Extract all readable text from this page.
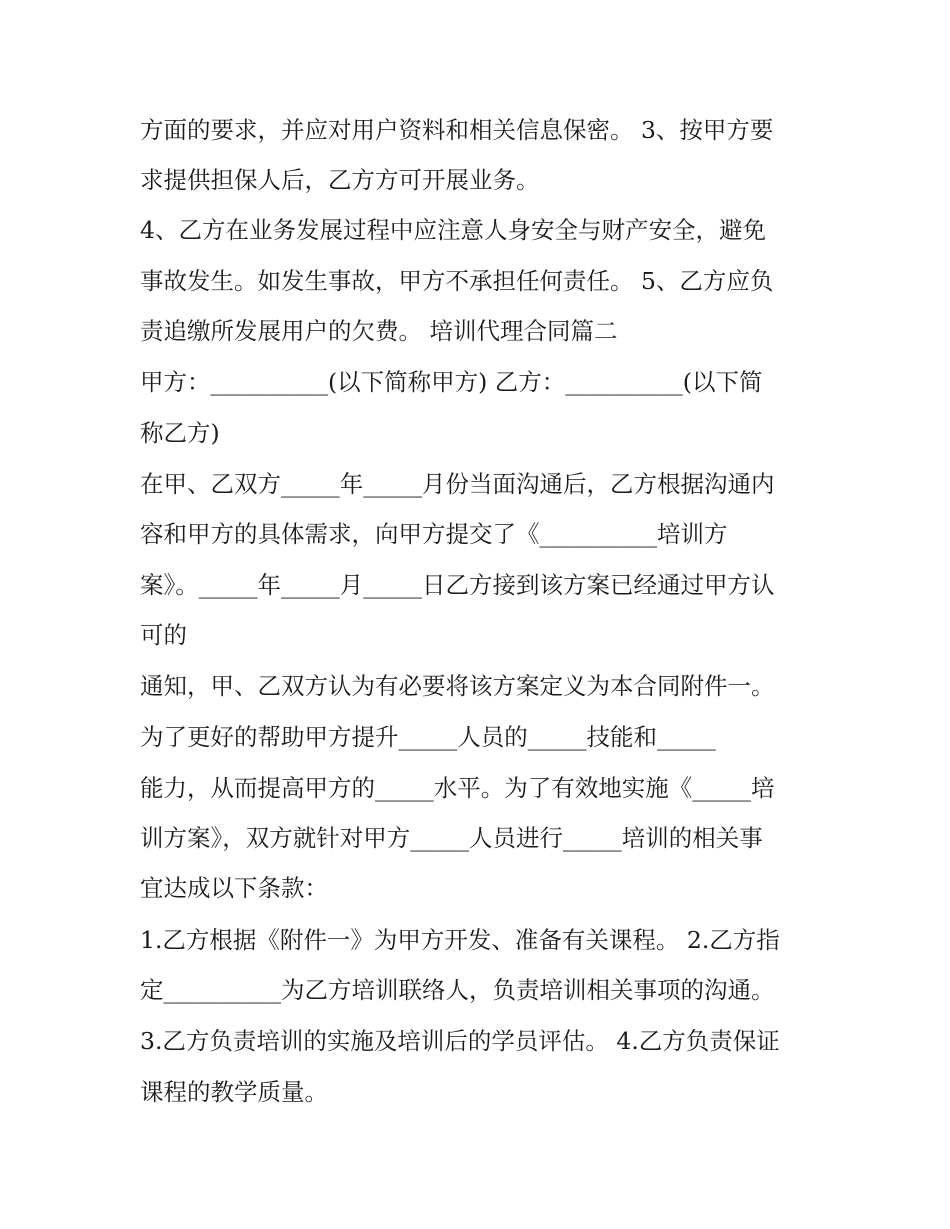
方面的要求，并应对用户资料和相关信息保密。 3、按甲方要
求提供担保人后，乙方方可开展业务。
4、乙方在业务发展过程中应注意人身安全与财产安全，避免
事故发生。如发生事故，甲方不承担任何责任。 5、乙方应负
责追缴所发展用户的欠费。 培训代理合同篇二
甲方：__________(以下简称甲方) 乙方：__________(以下简
称乙方)
在甲、乙双方_____年_____月份当面沟通后，乙方根据沟通内
容和甲方的具体需求，向甲方提交了《__________培训方
案》。_____年_____月_____日乙方接到该方案已经通过甲方认
可的
通知，甲、乙双方认为有必要将该方案定义为本合同附件一。
为了更好的帮助甲方提升_____人员的_____技能和_____
能力，从而提高甲方的_____水平。为了有效地实施《_____培
训方案》，双方就针对甲方_____人员进行_____培训的相关事
宜达成以下条款：
1.乙方根据《附件一》为甲方开发、准备有关课程。 2.乙方指
定__________为乙方培训联络人，负责培训相关事项的沟通。
3.乙方负责培训的实施及培训后的学员评估。 4.乙方负责保证
课程的教学质量。
